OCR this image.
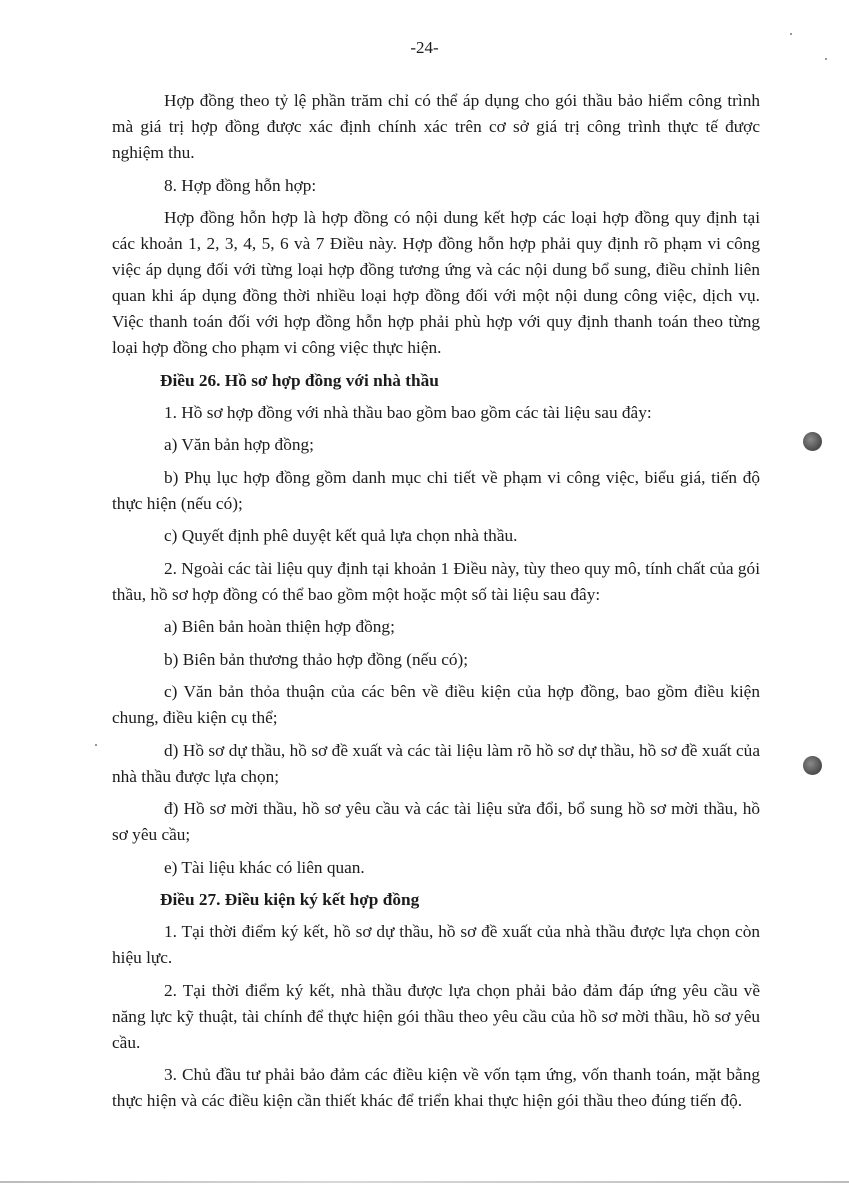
-24-

Hợp đồng theo tỷ lệ phần trăm chỉ có thể áp dụng cho gói thầu bảo hiểm công trình mà giá trị hợp đồng được xác định chính xác trên cơ sở giá trị công trình thực tế được nghiệm thu.

8. Hợp đồng hỗn hợp:

Hợp đồng hỗn hợp là hợp đồng có nội dung kết hợp các loại hợp đồng quy định tại các khoản 1, 2, 3, 4, 5, 6 và 7 Điều này. Hợp đồng hỗn hợp phải quy định rõ phạm vi công việc áp dụng đối với từng loại hợp đồng tương ứng và các nội dung bổ sung, điều chỉnh liên quan khi áp dụng đồng thời nhiều loại hợp đồng đối với một nội dung công việc, dịch vụ. Việc thanh toán đối với hợp đồng hỗn hợp phải phù hợp với quy định thanh toán theo từng loại hợp đồng cho phạm vi công việc thực hiện.

Điều 26. Hồ sơ hợp đồng với nhà thầu

1. Hồ sơ hợp đồng với nhà thầu bao gồm bao gồm các tài liệu sau đây:

a) Văn bản hợp đồng;

b) Phụ lục hợp đồng gồm danh mục chi tiết về phạm vi công việc, biểu giá, tiến độ thực hiện (nếu có);

c) Quyết định phê duyệt kết quả lựa chọn nhà thầu.

2. Ngoài các tài liệu quy định tại khoản 1 Điều này, tùy theo quy mô, tính chất của gói thầu, hồ sơ hợp đồng có thể bao gồm một hoặc một số tài liệu sau đây:

a) Biên bản hoàn thiện hợp đồng;

b) Biên bản thương thảo hợp đồng (nếu có);

c) Văn bản thỏa thuận của các bên về điều kiện của hợp đồng, bao gồm điều kiện chung, điều kiện cụ thể;

d) Hồ sơ dự thầu, hồ sơ đề xuất và các tài liệu làm rõ hồ sơ dự thầu, hồ sơ đề xuất của nhà thầu được lựa chọn;

đ) Hồ sơ mời thầu, hồ sơ yêu cầu và các tài liệu sửa đổi, bổ sung hồ sơ mời thầu, hồ sơ yêu cầu;

e) Tài liệu khác có liên quan.

Điều 27. Điều kiện ký kết hợp đồng

1. Tại thời điểm ký kết, hồ sơ dự thầu, hồ sơ đề xuất của nhà thầu được lựa chọn còn hiệu lực.

2. Tại thời điểm ký kết, nhà thầu được lựa chọn phải bảo đảm đáp ứng yêu cầu về năng lực kỹ thuật, tài chính để thực hiện gói thầu theo yêu cầu của hồ sơ mời thầu, hồ sơ yêu cầu.

3. Chủ đầu tư phải bảo đảm các điều kiện về vốn tạm ứng, vốn thanh toán, mặt bằng thực hiện và các điều kiện cần thiết khác để triển khai thực hiện gói thầu theo đúng tiến độ.
